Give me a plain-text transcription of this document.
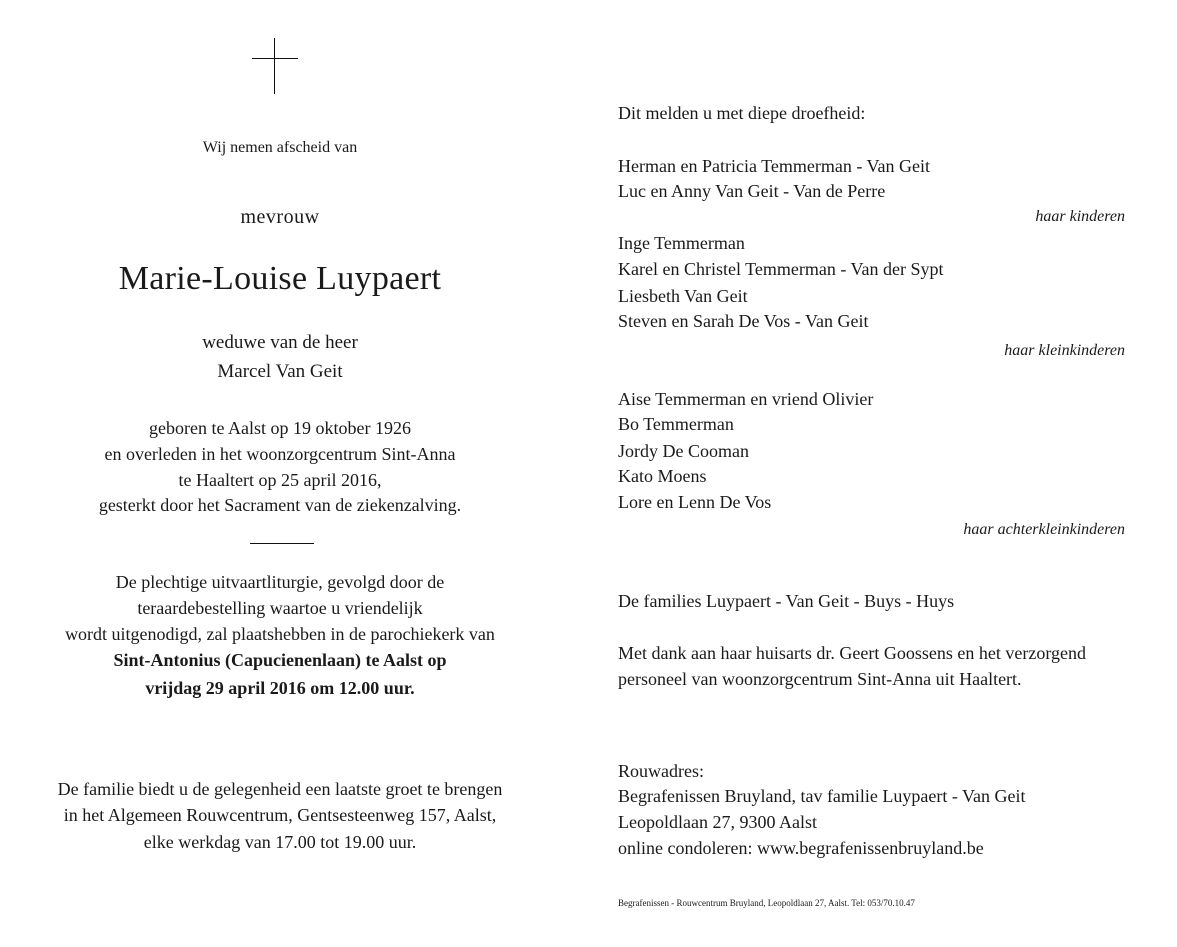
Wij nemen afscheid van
mevrouw
Marie-Louise Luypaert
weduwe van de heer
Marcel Van Geit
geboren te Aalst op 19 oktober 1926
en overleden in het woonzorgcentrum Sint-Anna
te Haaltert op 25 april 2016,
gesterkt door het Sacrament van de ziekenzalving.
De plechtige uitvaartliturgie, gevolgd door de
teraardebestelling waartoe u vriendelijk
wordt uitgenodigd, zal plaatshebben in de parochiekerk van
Sint-Antonius (Capucienenlaan) te Aalst op
vrijdag 29 april 2016 om 12.00 uur.
De familie biedt u de gelegenheid een laatste groet te brengen
in het Algemeen Rouwcentrum, Gentsesteenweg 157, Aalst,
elke werkdag van 17.00 tot 19.00 uur.
Dit melden u met diepe droefheid:
Herman en Patricia Temmerman - Van Geit
Luc en Anny Van Geit - Van de Perre
haar kinderen
Inge Temmerman
Karel en Christel Temmerman - Van der Sypt
Liesbeth Van Geit
Steven en Sarah De Vos - Van Geit
haar kleinkinderen
Aise Temmerman en vriend Olivier
Bo Temmerman
Jordy De Cooman
Kato Moens
Lore en Lenn De Vos
haar achterkleinkinderen
De families Luypaert - Van Geit - Buys - Huys
Met dank aan haar huisarts dr. Geert Goossens en het verzorgend
personeel van woonzorgcentrum Sint-Anna uit Haaltert.
Rouwadres:
Begrafenissen Bruyland, tav familie Luypaert - Van Geit
Leopoldlaan 27, 9300 Aalst
online condoleren: www.begrafenissenbruyland.be
Begrafenissen - Rouwcentrum Bruyland, Leopoldlaan 27, Aalst. Tel: 053/70.10.47
